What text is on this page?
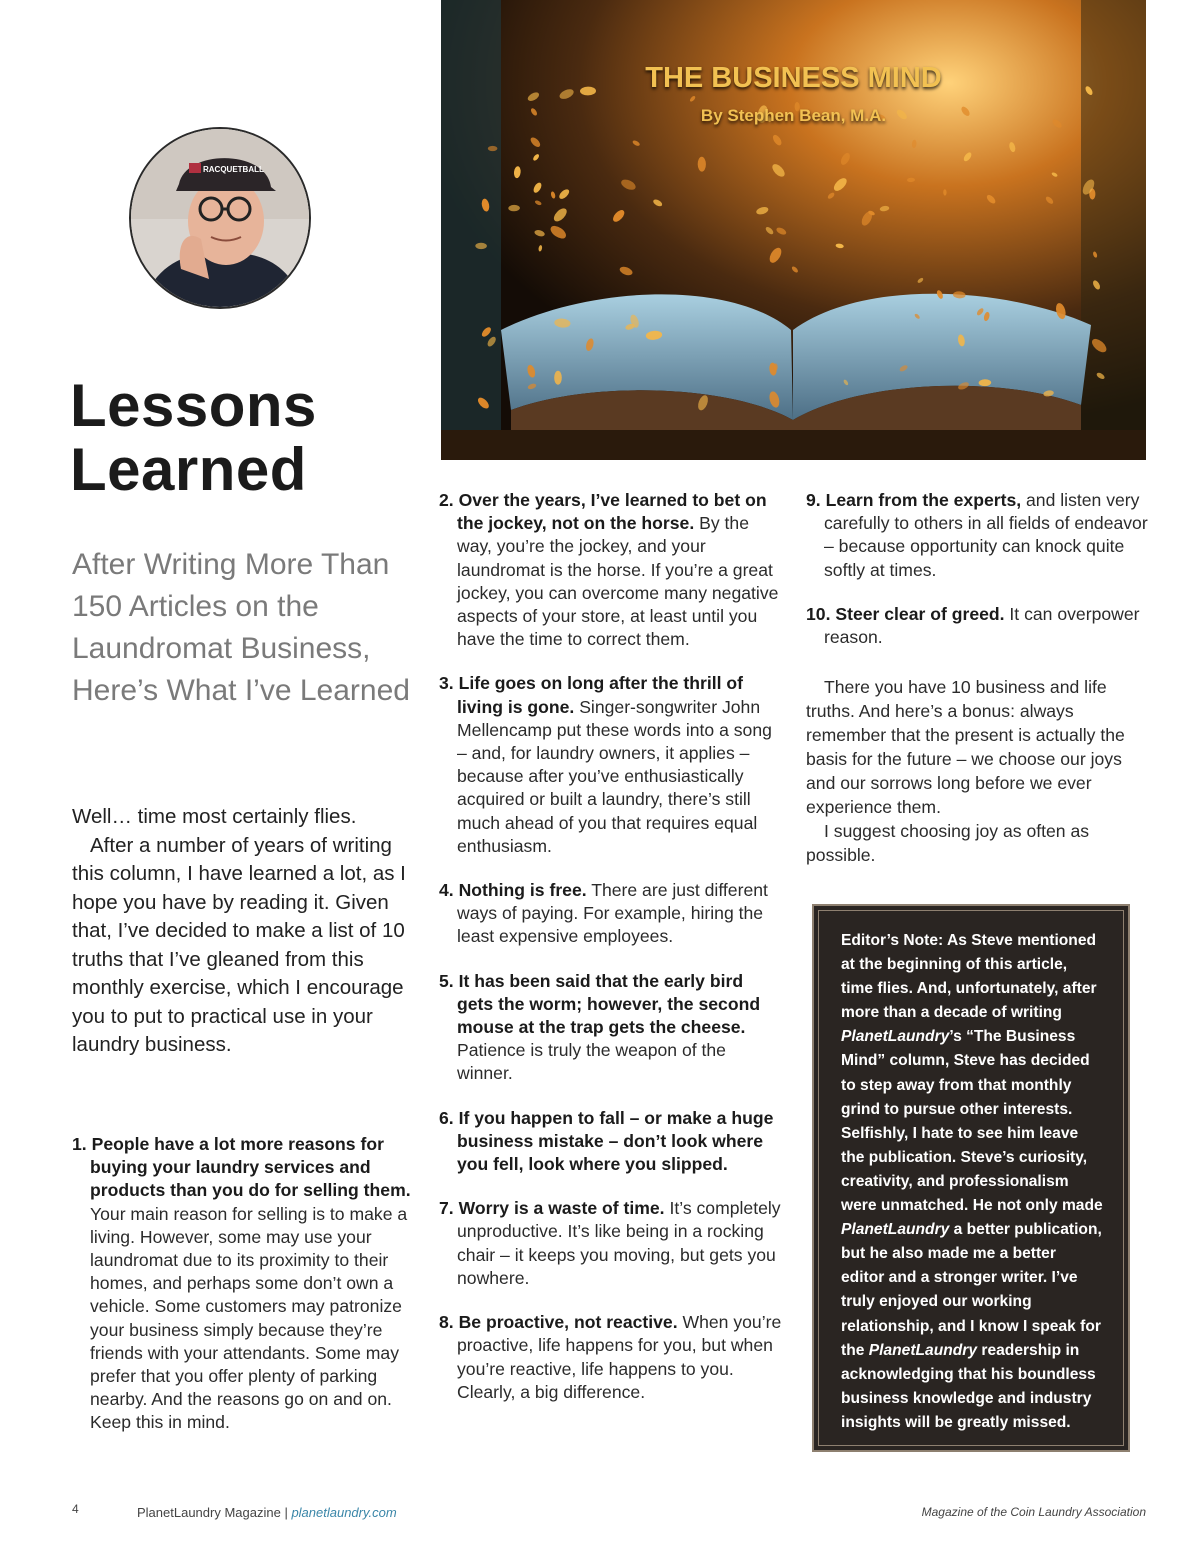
RACQUETBALL
THE BUSINESS MIND
By Stephen Bean, M.A.
Lessons Learned
After Writing More Than 150 Articles on the Laundromat Business, Here’s What I’ve Learned
Well… time most certainly flies.
After a number of years of writing this column, I have learned a lot, as I hope you have by reading it. Given that, I’ve decided to make a list of 10 truths that I’ve gleaned from this monthly exercise, which I encourage you to put to practical use in your laundry business.

1. People have a lot more reasons for buying your laundry services and products than you do for selling them. Your main reason for selling is to make a living. However, some may use your laundromat due to its proximity to their homes, and perhaps some don’t own a vehicle. Some customers may patronize your business simply because they’re friends with your attendants. Some may prefer that you offer plenty of parking nearby. And the reasons go on and on. Keep this in mind.

2. Over the years, I’ve learned to bet on the jockey, not on the horse. By the way, you’re the jockey, and your laundromat is the horse. If you’re a great jockey, you can overcome many negative aspects of your store, at least until you have the time to correct them.

3. Life goes on long after the thrill of living is gone. Singer-songwriter John Mellencamp put these words into a song – and, for laundry owners, it applies – because after you’ve enthusiastically acquired or built a laundry, there’s still much ahead of you that requires equal enthusiasm.

4. Nothing is free. There are just different ways of paying. For example, hiring the least expensive employees.

5. It has been said that the early bird gets the worm; however, the second mouse at the trap gets the cheese. Patience is truly the weapon of the winner.

6. If you happen to fall – or make a huge business mistake – don’t look where you fell, look where you slipped.

7. Worry is a waste of time. It’s completely unproductive. It’s like being in a rocking chair – it keeps you moving, but gets you nowhere.

8. Be proactive, not reactive. When you’re proactive, life happens for you, but when you’re reactive, life happens to you. Clearly, a big difference.

9. Learn from the experts, and listen very carefully to others in all fields of endeavor – because opportunity can knock quite softly at times.

10. Steer clear of greed. It can overpower reason.

There you have 10 business and life truths. And here’s a bonus: always remember that the present is actually the basis for the future – we choose our joys and our sorrows long before we ever experience them.

I suggest choosing joy as often as possible.

Editor’s Note: As Steve mentioned at the beginning of this article, time flies. And, unfortunately, after more than a decade of writing PlanetLaundry’s “The Business Mind” column, Steve has decided to step away from that monthly grind to pursue other interests. Selfishly, I hate to see him leave the publication. Steve’s curiosity, creativity, and professionalism were unmatched. He not only made PlanetLaundry a better publication, but he also made me a better editor and a stronger writer. I’ve truly enjoyed our working relationship, and I know I speak for the PlanetLaundry readership in acknowledging that his boundless business knowledge and industry insights will be greatly missed.
4	PlanetLaundry Magazine | planetlaundry.com	Magazine of the Coin Laundry Association
